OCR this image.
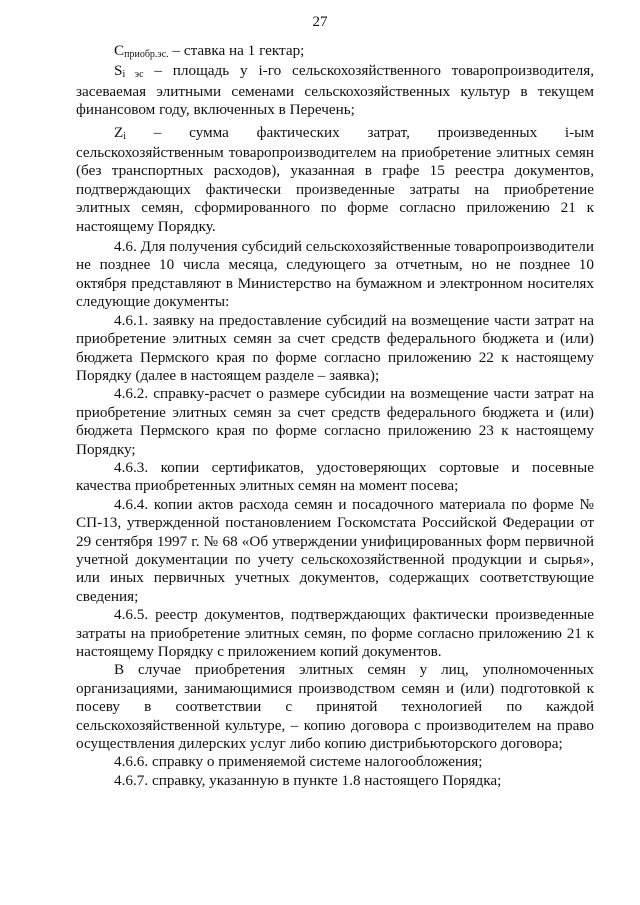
27

Сприобр.эс. – ставка на 1 гектар;

Si эс – площадь у i-го сельскохозяйственного товаропроизводителя, засеваемая элитными семенами сельскохозяйственных культур в текущем финансовом году, включенных в Перечень;

Zi – сумма фактических затрат, произведенных i-ым сельскохозяйственным товаропроизводителем на приобретение элитных семян (без транспортных расходов), указанная в графе 15 реестра документов, подтверждающих фактически произведенные затраты на приобретение элитных семян, сформированного по форме согласно приложению 21 к настоящему Порядку.

4.6. Для получения субсидий сельскохозяйственные товаропроизводители не позднее 10 числа месяца, следующего за отчетным, но не позднее 10 октября представляют в Министерство на бумажном и электронном носителях следующие документы:

4.6.1. заявку на предоставление субсидий на возмещение части затрат на приобретение элитных семян за счет средств федерального бюджета и (или) бюджета Пермского края по форме согласно приложению 22 к настоящему Порядку (далее в настоящем разделе – заявка);

4.6.2. справку-расчет о размере субсидии на возмещение части затрат на приобретение элитных семян за счет средств федерального бюджета и (или) бюджета Пермского края по форме согласно приложению 23 к настоящему Порядку;

4.6.3. копии сертификатов, удостоверяющих сортовые и посевные качества приобретенных элитных семян на момент посева;

4.6.4. копии актов расхода семян и посадочного материала по форме № СП-13, утвержденной постановлением Госкомстата Российской Федерации от 29 сентября 1997 г. № 68 «Об утверждении унифицированных форм первичной учетной документации по учету сельскохозяйственной продукции и сырья», или иных первичных учетных документов, содержащих соответствующие сведения;

4.6.5. реестр документов, подтверждающих фактически произведенные затраты на приобретение элитных семян, по форме согласно приложению 21 к настоящему Порядку с приложением копий документов.

В случае приобретения элитных семян у лиц, уполномоченных организациями, занимающимися производством семян и (или) подготовкой к посеву в соответствии с принятой технологией по каждой сельскохозяйственной культуре, – копию договора с производителем на право осуществления дилерских услуг либо копию дистрибьюторского договора;

4.6.6. справку о применяемой системе налогообложения;

4.6.7. справку, указанную в пункте 1.8 настоящего Порядка;
